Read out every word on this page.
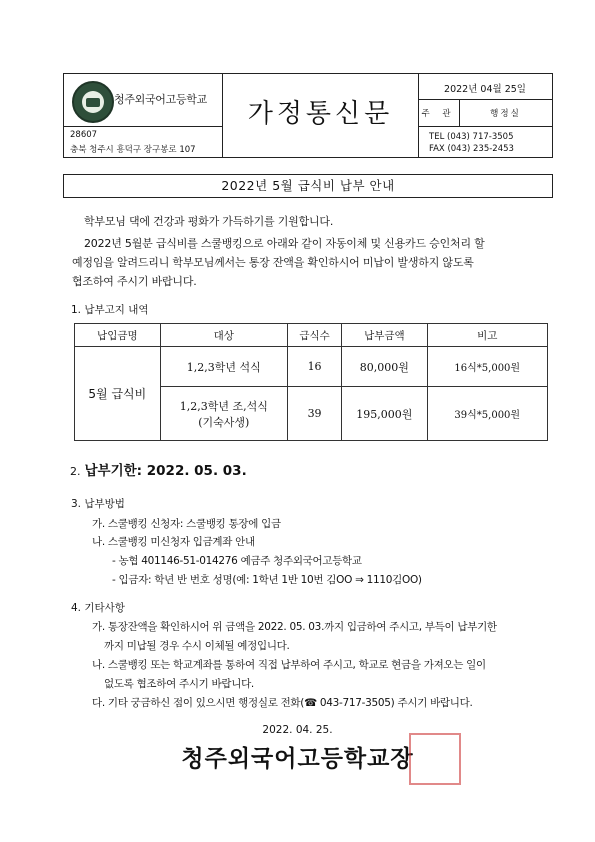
청주외국어고등학교
28607
충북 청주시 흥덕구 장구봉로 107
가정통신문
2022년 04월 25일
주 관	행정실
TEL (043) 717-3505
FAX (043) 235-2453
2022년 5월 급식비 납부 안내
학부모님 댁에 건강과 평화가 가득하기를 기원합니다.
2022년 5월분 급식비를 스쿨뱅킹으로 아래와 같이 자동이체 및 신용카드 승인처리 할
예정임을 알려드리니 학부모님께서는 통장 잔액을 확인하시어 미납이 발생하지 않도록
협조하여 주시기 바랍니다.
1. 납부고지 내역
납입금명	대상	급식수	납부금액	비고
5월 급식비	1,2,3학년 석식	16	80,000원	16식*5,000원

	1,2,3학년 조,석식
(기숙사생)	39	195,000원	39식*5,000원
2. 납부기한: 2022. 05. 03.
3. 납부방법
가. 스쿨뱅킹 신청자: 스쿨뱅킹 통장에 입금
나. 스쿨뱅킹 미신청자 입금계좌 안내
- 농협 401146-51-014276 예금주 청주외국어고등학교
- 입금자: 학년 반 번호 성명(예: 1학년 1반 10번 김OO ⇒ 1110김OO)
4. 기타사항
가. 통장잔액을 확인하시어 위 금액을 2022. 05. 03.까지 입금하여 주시고, 부득이 납부기한
까지 미납될 경우 수시 이체될 예정입니다.
나. 스쿨뱅킹 또는 학교계좌를 통하여 직접 납부하여 주시고, 학교로 현금을 가져오는 일이
없도록 협조하여 주시기 바랍니다.
다. 기타 궁금하신 점이 있으시면 행정실로 전화(☎ 043-717-3505) 주시기 바랍니다.
2022. 04. 25.
청주외국어고등학교장
